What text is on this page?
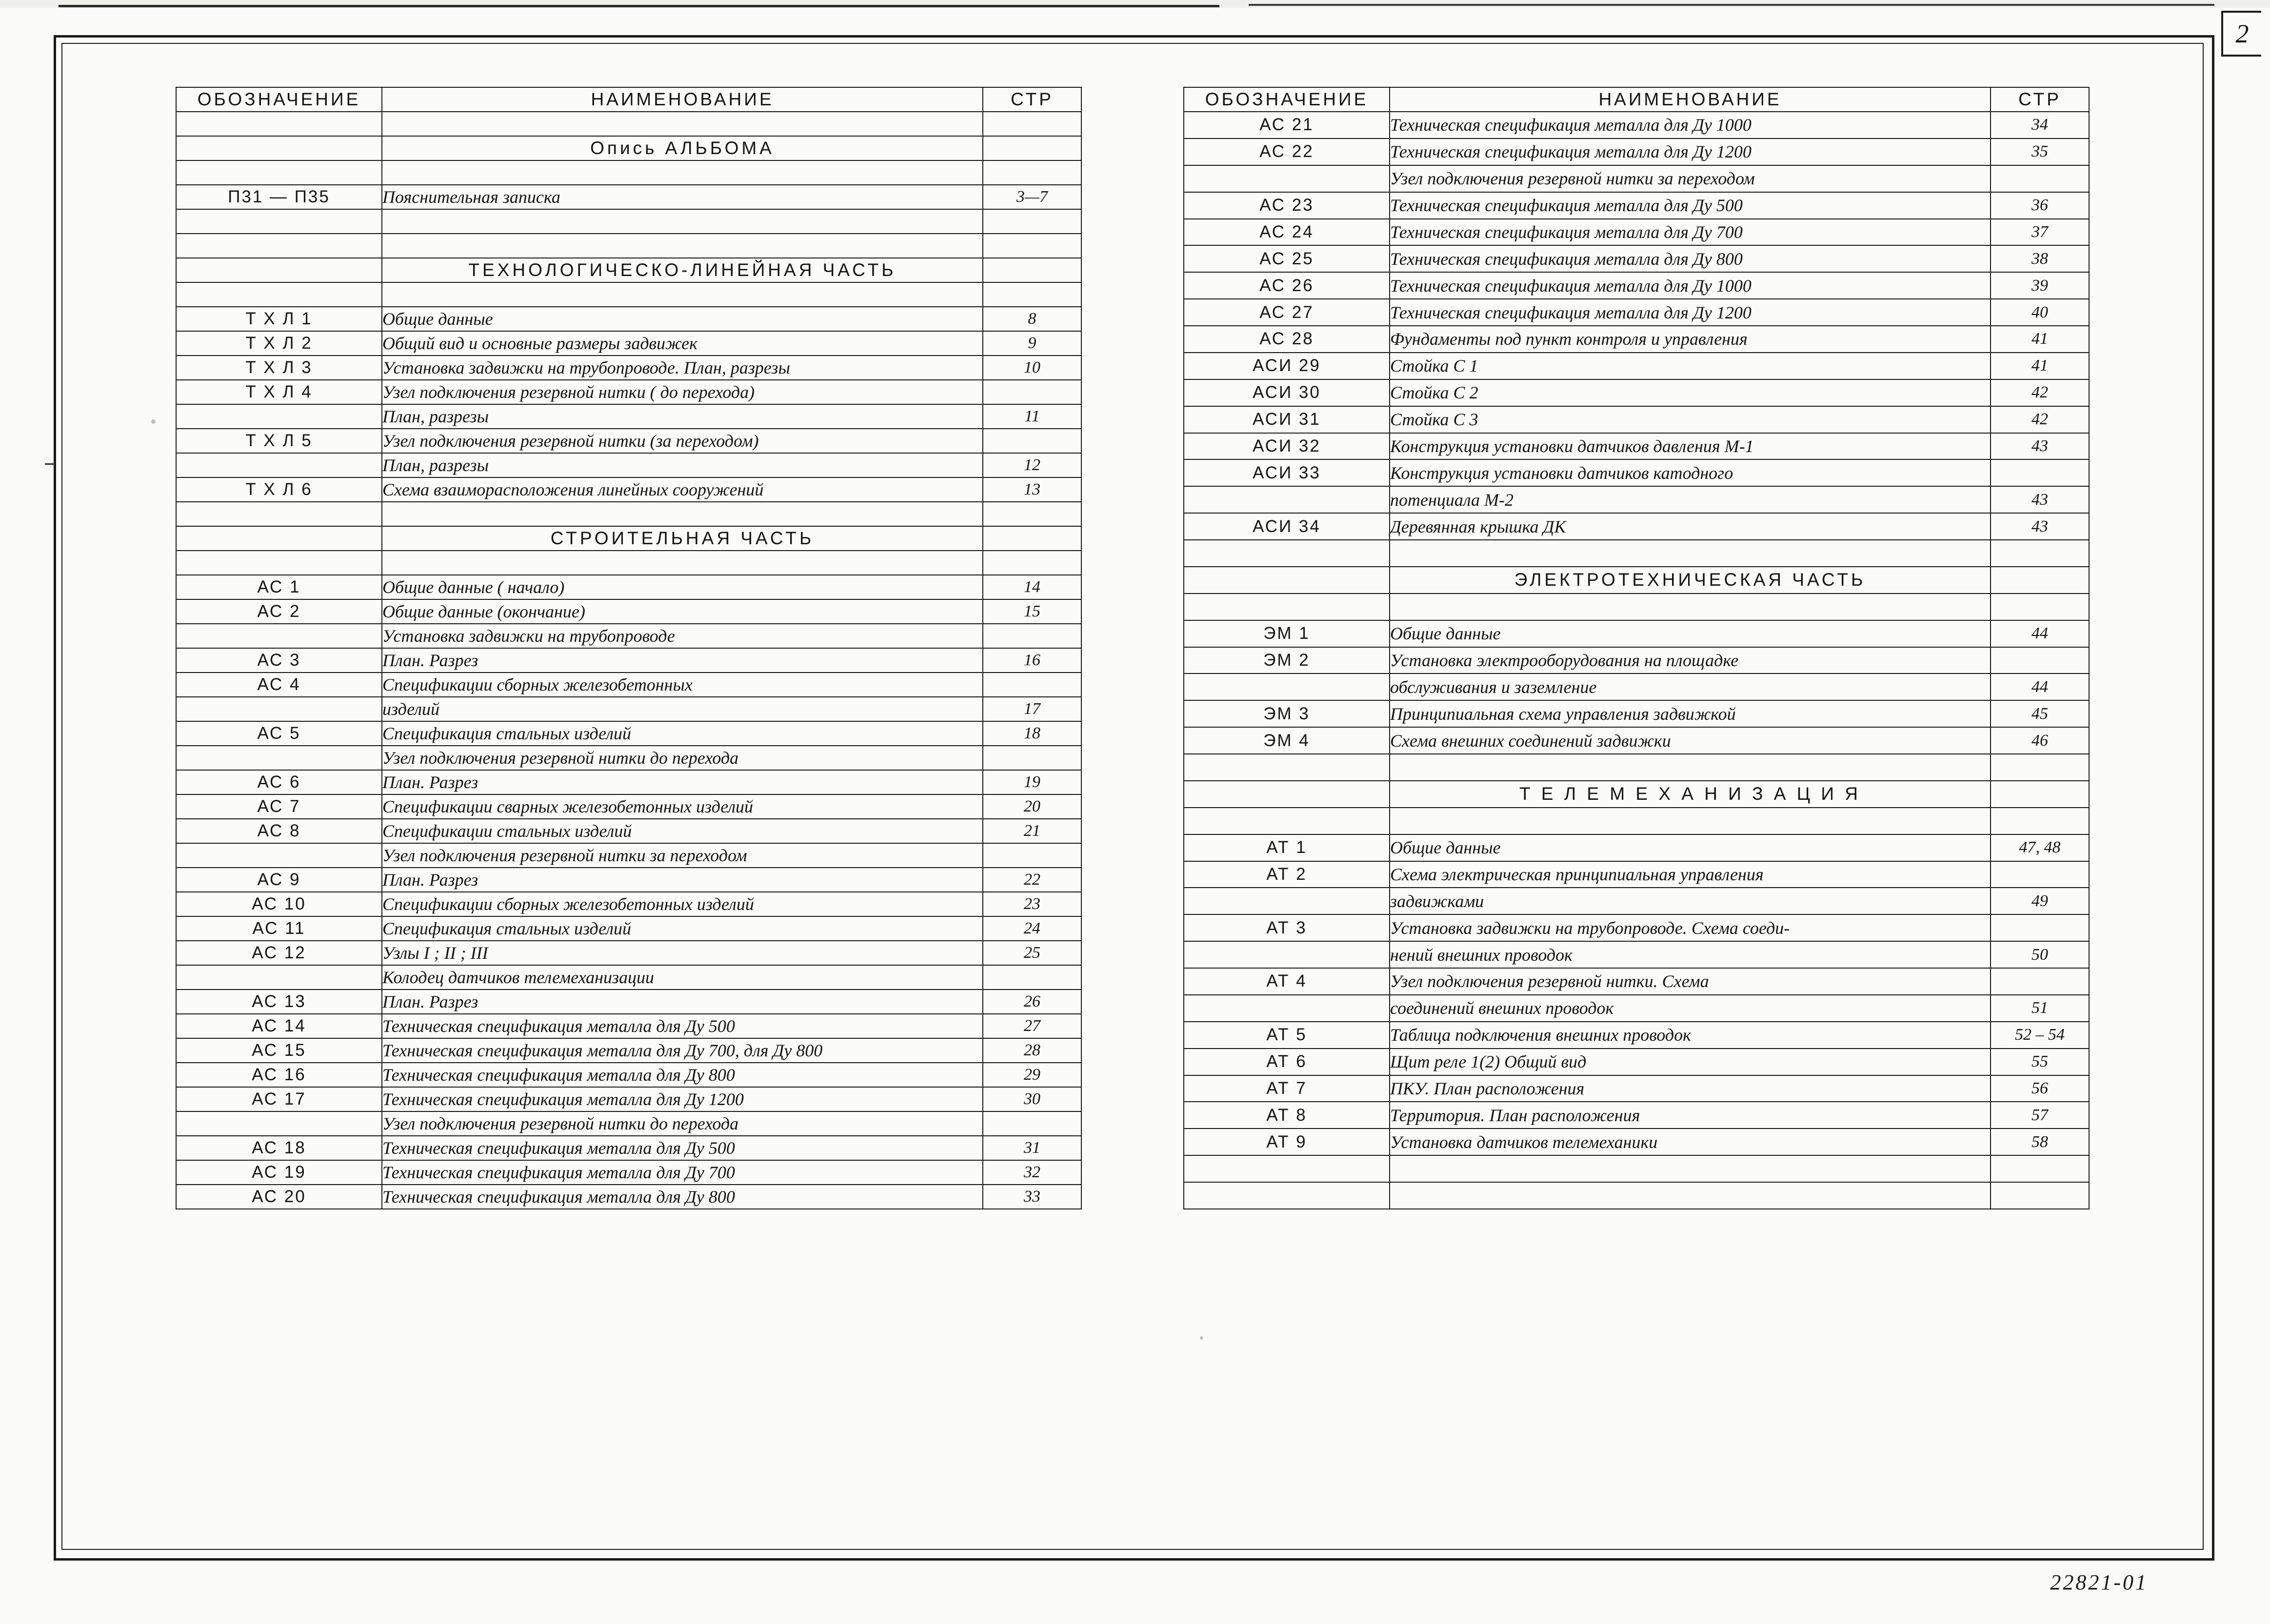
2
ОБОЗНАЧЕНИЕ	НАИМЕНОВАНИЕ	СТР

	Опись АЛЬБОМА	

П31 — П35	Пояснительная записка	3—7

	ТЕХНОЛОГИЧЕСКО-ЛИНЕЙНАЯ ЧАСТЬ	

Т Х Л 1	Общие данные	8
Т Х Л 2	Общий вид и основные размеры задвижек	9
Т Х Л 3	Установка задвижки на трубопроводе. План, разрезы	10
Т Х Л 4	Узел подключения резервной нитки ( до перехода)	
	План, разрезы	11
Т Х Л 5	Узел подключения резервной нитки (за переходом)	
	План, разрезы	12
Т Х Л 6	Схема взаиморасположения линейных сооружений	13

	СТРОИТЕЛЬНАЯ ЧАСТЬ	

АС 1	Общие данные ( начало)	14
АС 2	Общие данные (окончание)	15
	Установка задвижки на трубопроводе	
АС 3	План. Разрез	16
АС 4	Спецификации сборных железобетонных	
	изделий	17
АС 5	Спецификация стальных изделий	18
	Узел подключения резервной нитки до перехода	
АС 6	План. Разрез	19
АС 7	Спецификации сварных железобетонных изделий	20
АС 8	Спецификации стальных изделий	21
	Узел подключения резервной нитки за переходом	
АС 9	План. Разрез	22
АС 10	Спецификации сборных железобетонных изделий	23
АС 11	Спецификация стальных изделий	24
АС 12	Узлы I ; II ; III	25
	Колодец датчиков телемеханизации	
АС 13	План. Разрез	26
АС 14	Техническая спецификация металла для Ду 500	27
АС 15	Техническая спецификация металла для Ду 700, для Ду 800	28
АС 16	Техническая спецификация металла для Ду 800	29
АС 17	Техническая спецификация металла для Ду 1200	30
	Узел подключения резервной нитки до перехода	
АС 18	Техническая спецификация металла для Ду 500	31
АС 19	Техническая спецификация металла для Ду 700	32
АС 20	Техническая спецификация металла для Ду 800	33
ОБОЗНАЧЕНИЕ	НАИМЕНОВАНИЕ	СТР
АС 21	Техническая спецификация металла для Ду 1000	34
АС 22	Техническая спецификация металла для Ду 1200	35
	Узел подключения резервной нитки за переходом	
АС 23	Техническая спецификация металла для Ду 500	36
АС 24	Техническая спецификация металла для Ду 700	37
АС 25	Техническая спецификация металла для Ду 800	38
АС 26	Техническая спецификация металла для Ду 1000	39
АС 27	Техническая спецификация металла для Ду 1200	40
АС 28	Фундаменты под пункт контроля и управления	41
АСИ 29	Стойка С 1	41
АСИ 30	Стойка С 2	42
АСИ 31	Стойка С 3	42
АСИ 32	Конструкция установки датчиков давления М-1	43
АСИ 33	Конструкция установки датчиков катодного	
	потенциала М-2	43
АСИ 34	Деревянная крышка ДК	43

	ЭЛЕКТРОТЕХНИЧЕСКАЯ ЧАСТЬ	

ЭМ 1	Общие данные	44
ЭМ 2	Установка электрооборудования на площадке	
	обслуживания и заземление	44
ЭМ 3	Принципиальная схема управления задвижкой	45
ЭМ 4	Схема внешних соединений задвижки	46

	Т Е Л Е М Е Х А Н И З А Ц И Я	

АТ 1	Общие данные	47, 48
АТ 2	Схема электрическая принципиальная управления	
	задвижками	49
АТ 3	Установка задвижки на трубопроводе. Схема соеди-	
	нений внешних проводок	50
АТ 4	Узел подключения резервной нитки. Схема	
	соединений внешних проводок	51
АТ 5	Таблица подключения внешних проводок	52 – 54
АТ 6	Щит реле 1(2) Общий вид	55
АТ 7	ПКУ. План расположения	56
АТ 8	Территория. План расположения	57
АТ 9	Установка датчиков телемеханики	58

22821-01
